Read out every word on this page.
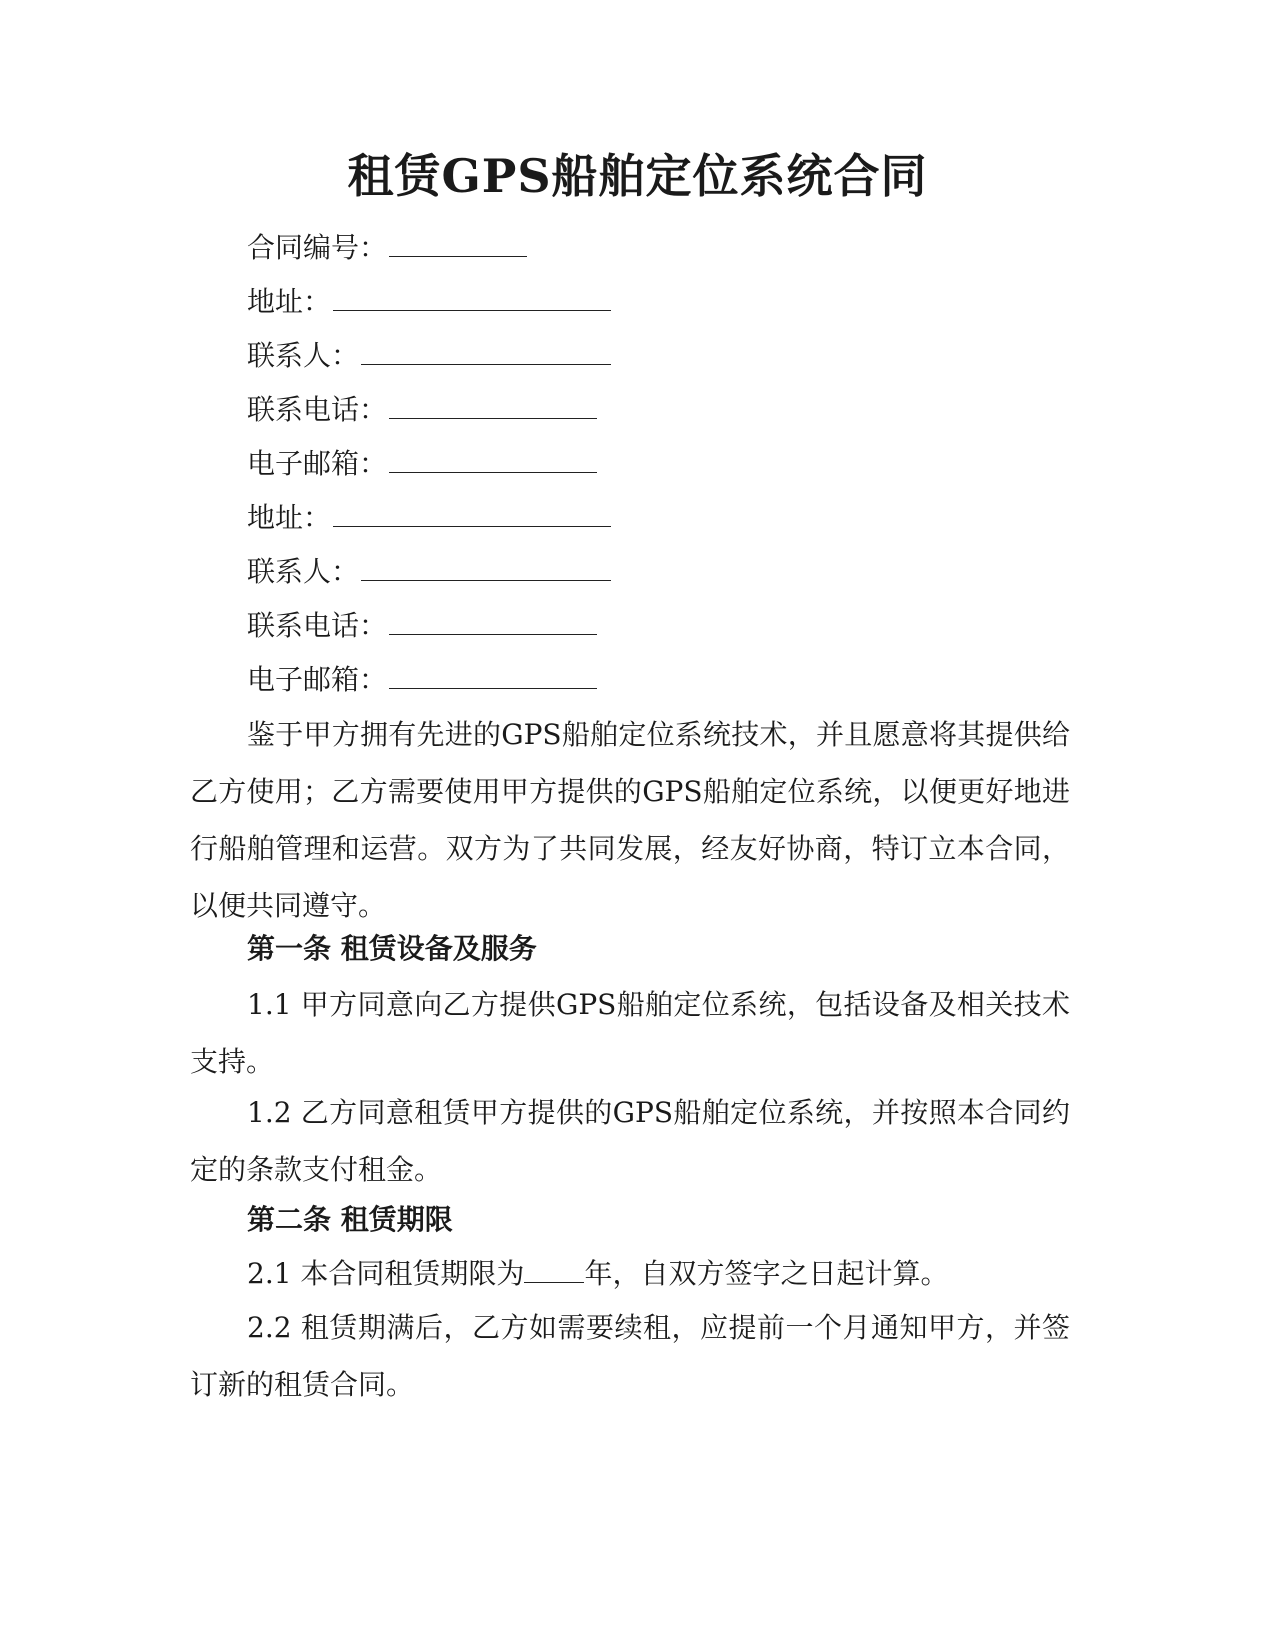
租赁GPS船舶定位系统合同
合同编号：
地址：
联系人：
联系电话：
电子邮箱：
地址：
联系人：
联系电话：
电子邮箱：
鉴于甲方拥有先进的GPS船舶定位系统技术，并且愿意将其提供给乙方使用；乙方需要使用甲方提供的GPS船舶定位系统，以便更好地进行船舶管理和运营。双方为了共同发展，经友好协商，特订立本合同，以便共同遵守。
第一条 租赁设备及服务
1.1 甲方同意向乙方提供GPS船舶定位系统，包括设备及相关技术支持。
1.2 乙方同意租赁甲方提供的GPS船舶定位系统，并按照本合同约定的条款支付租金。
第二条 租赁期限
2.1 本合同租赁期限为 年，自双方签字之日起计算。
2.2 租赁期满后，乙方如需要续租，应提前一个月通知甲方，并签订新的租赁合同。
